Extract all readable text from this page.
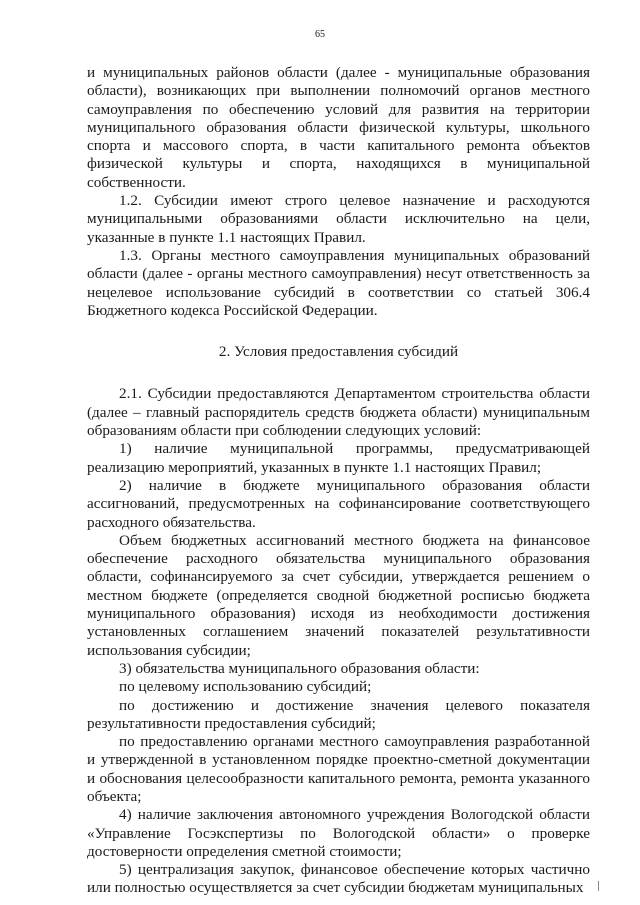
65

и муниципальных районов области (далее - муниципальные образования области), возникающих при выполнении полномочий органов местного самоуправления по обеспечению условий для развития на территории муниципального образования области физической культуры, школьного спорта и массового спорта, в части капитального ремонта объектов физической культуры и спорта, находящихся в муниципальной собственности.

1.2. Субсидии имеют строго целевое назначение и расходуются муниципальными образованиями области исключительно на цели, указанные в пункте 1.1 настоящих Правил.

1.3. Органы местного самоуправления муниципальных образований области (далее - органы местного самоуправления) несут ответственность за нецелевое использование субсидий в соответствии со статьей 306.4 Бюджетного кодекса Российской Федерации.

2. Условия предоставления субсидий

2.1. Субсидии предоставляются Департаментом строительства области (далее – главный распорядитель средств бюджета области) муниципальным образованиям области при соблюдении следующих условий:

1) наличие муниципальной программы, предусматривающей реализацию мероприятий, указанных в пункте 1.1 настоящих Правил;

2) наличие в бюджете муниципального образования области ассигнований, предусмотренных на софинансирование соответствующего расходного обязательства.

Объем бюджетных ассигнований местного бюджета на финансовое обеспечение расходного обязательства муниципального образования области, софинансируемого за счет субсидии, утверждается решением о местном бюджете (определяется сводной бюджетной росписью бюджета муниципального образования) исходя из необходимости достижения установленных соглашением значений показателей результативности использования субсидии;

3) обязательства муниципального образования области:

по целевому использованию субсидий;

по достижению и достижение значения целевого показателя результативности предоставления субсидий;

по предоставлению органами местного самоуправления разработанной и утвержденной в установленном порядке проектно-сметной документации и обоснования целесообразности капитального ремонта, ремонта указанного объекта;

4) наличие заключения автономного учреждения Вологодской области «Управление Госэкспертизы по Вологодской области» о проверке достоверности определения сметной стоимости;

5) централизация закупок, финансовое обеспечение которых частично или полностью осуществляется за счет субсидии бюджетам муниципальных
